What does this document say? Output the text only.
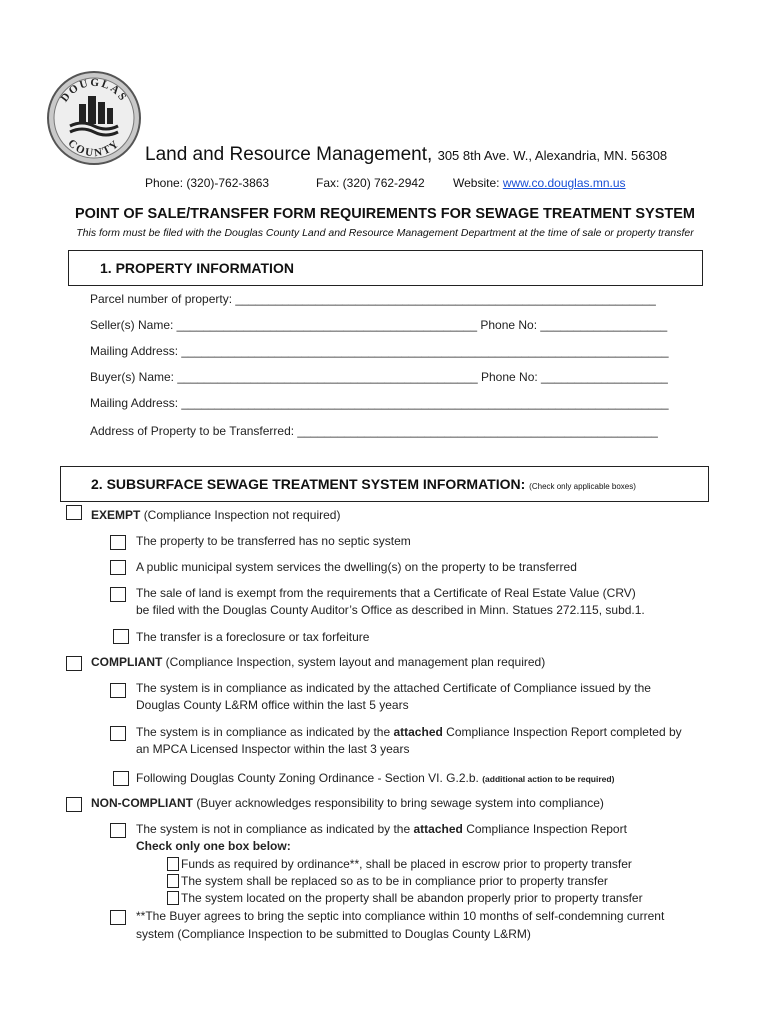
DOUGLAS
COUNTY Land and Resource Management, 305 8th Ave. W., Alexandria, MN. 56308
Phone: (320)-762-3863	Fax: (320) 762-2942 Website: www.co.douglas.mn.us
POINT OF SALE/TRANSFER FORM REQUIREMENTS FOR SEWAGE TREATMENT SYSTEM
This form must be filed with the Douglas County Land and Resource Management Department at the time of sale or property transfer
1. PROPERTY INFORMATION
Parcel number of property: _______________________________________________________________
Seller(s) Name: _____________________________________________ Phone No: ___________________
Mailing Address: _________________________________________________________________________
Buyer(s) Name: _____________________________________________ Phone No: ___________________
Mailing Address: _________________________________________________________________________
Address of Property to be Transferred: ______________________________________________________
2. SUBSURFACE SEWAGE TREATMENT SYSTEM INFORMATION: (Check only applicable boxes)
EXEMPT (Compliance Inspection not required)
The property to be transferred has no septic system
A public municipal system services the dwelling(s) on the property to be transferred
The sale of land is exempt from the requirements that a Certificate of Real Estate Value (CRV)
be filed with the Douglas County Auditor’s Office as described in Minn. Statues 272.115, subd.1.
The transfer is a foreclosure or tax forfeiture
COMPLIANT (Compliance Inspection, system layout and management plan required)
The system is in compliance as indicated by the attached Certificate of Compliance issued by the
Douglas County L&RM office within the last 5 years
The system is in compliance as indicated by the attached Compliance Inspection Report completed by
an MPCA Licensed Inspector within the last 3 years
Following Douglas County Zoning Ordinance - Section VI. G.2.b. (additional action to be required)
NON-COMPLIANT (Buyer acknowledges responsibility to bring sewage system into compliance)
The system is not in compliance as indicated by the attached Compliance Inspection Report
Check only one box below:
Funds as required by ordinance**, shall be placed in escrow prior to property transfer
The system shall be replaced so as to be in compliance prior to property transfer
The system located on the property shall be abandon properly prior to property transfer
**The Buyer agrees to bring the septic into compliance within 10 months of self-condemning current
system (Compliance Inspection to be submitted to Douglas County L&RM)
